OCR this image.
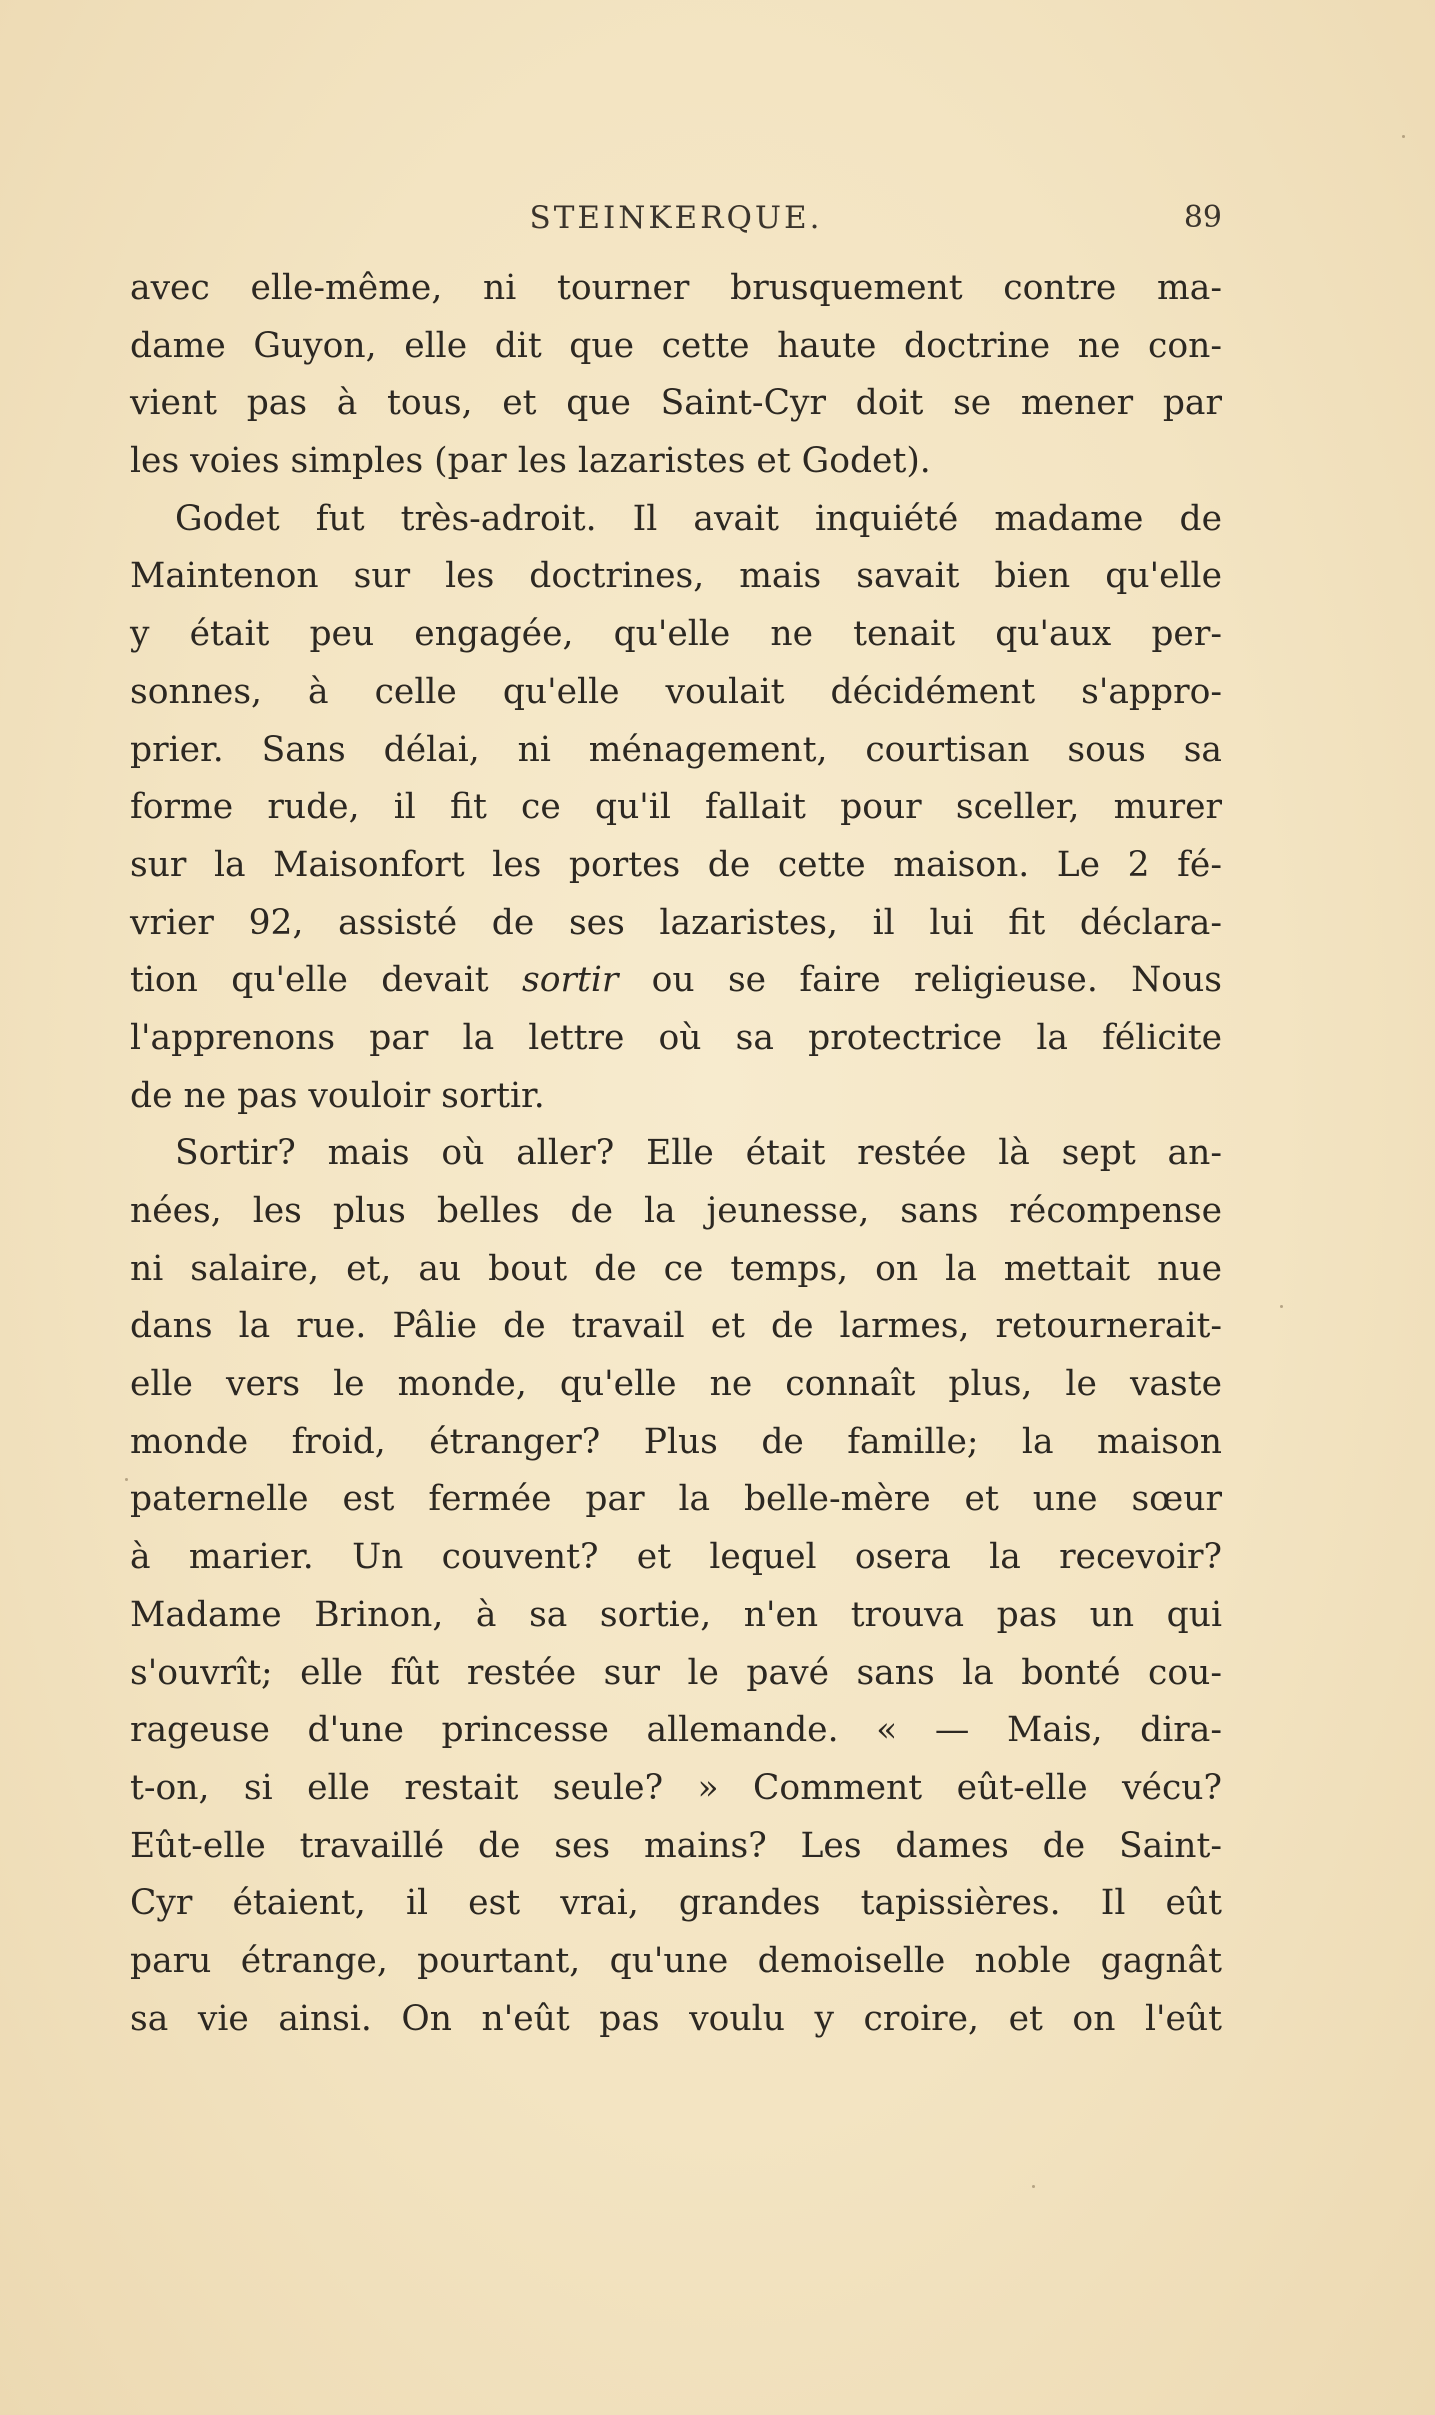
STEINKERQUE.	89
avec elle-même, ni tourner brusquement contre ma-
dame Guyon, elle dit que cette haute doctrine ne con-
vient pas à tous, et que Saint-Cyr doit se mener par
les voies simples (par les lazaristes et Godet).
Godet fut très-adroit. Il avait inquiété madame de
Maintenon sur les doctrines, mais savait bien qu'elle
y était peu engagée, qu'elle ne tenait qu'aux per-
sonnes, à celle qu'elle voulait décidément s'appro-
prier. Sans délai, ni ménagement, courtisan sous sa
forme rude, il fit ce qu'il fallait pour sceller, murer
sur la Maisonfort les portes de cette maison. Le 2 fé-
vrier 92, assisté de ses lazaristes, il lui fit déclara-
tion qu'elle devait sortir ou se faire religieuse. Nous
l'apprenons par la lettre où sa protectrice la félicite
de ne pas vouloir sortir.
Sortir? mais où aller? Elle était restée là sept an-
nées, les plus belles de la jeunesse, sans récompense
ni salaire, et, au bout de ce temps, on la mettait nue
dans la rue. Pâlie de travail et de larmes, retournerait-
elle vers le monde, qu'elle ne connaît plus, le vaste
monde froid, étranger? Plus de famille; la maison
paternelle est fermée par la belle-mère et une sœur
à marier. Un couvent? et lequel osera la recevoir?
Madame Brinon, à sa sortie, n'en trouva pas un qui
s'ouvrît; elle fût restée sur le pavé sans la bonté cou-
rageuse d'une princesse allemande. « — Mais, dira-
t-on, si elle restait seule? » Comment eût-elle vécu?
Eût-elle travaillé de ses mains? Les dames de Saint-
Cyr étaient, il est vrai, grandes tapissières. Il eût
paru étrange, pourtant, qu'une demoiselle noble gagnât
sa vie ainsi. On n'eût pas voulu y croire, et on l'eût
